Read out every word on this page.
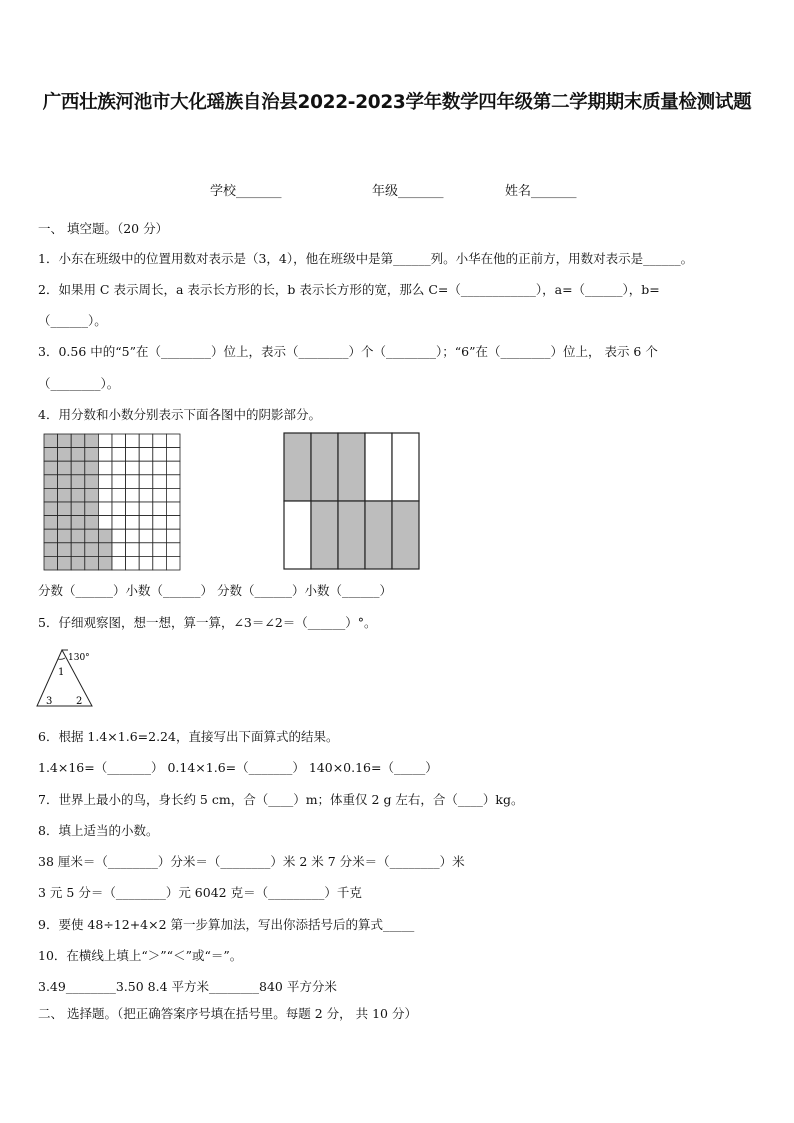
广西壮族河池市大化瑶族自治县2022-2023学年数学四年级第二学期期末质量检测试题
学校_______	年级_______	姓名_______
一、 填空题。（20 分）
1．小东在班级中的位置用数对表示是（3，4），他在班级中是第______列。小华在他的正前方，用数对表示是______。
2．如果用 C 表示周长，a 表示长方形的长，b 表示长方形的宽，那么 C=（____________），a=（______），b=
（______）。
3．0.56 中的“5”在（________）位上，表示（________）个（________）；“6”在（________）位上， 表示 6 个
（________）。
4．用分数和小数分别表示下面各图中的阴影部分。
分数（______）小数（______） 分数（______）小数（______）
5．仔细观察图，想一想，算一算，∠3＝∠2＝（______）°。
130°
1
3 2
6．根据 1.4×1.6=2.24，直接写出下面算式的结果。
1.4×16=（_______） 0.14×1.6=（_______） 140×0.16=（_____）
7．世界上最小的鸟，身长约 5 cm，合（____）m；体重仅 2 g 左右，合（____）kg。
8．填上适当的小数。
38 厘米＝（________）分米＝（________）米 2 米 7 分米＝（________）米
3 元 5 分＝（________）元 6042 克＝（_________）千克
9．要使 48÷12+4×2 第一步算加法，写出你添括号后的算式_____
10．在横线上填上“＞”“＜”或“＝”。
3.49________3.50 8.4 平方米________840 平方分米
二、 选择题。（把正确答案序号填在括号里。每题 2 分， 共 10 分）
